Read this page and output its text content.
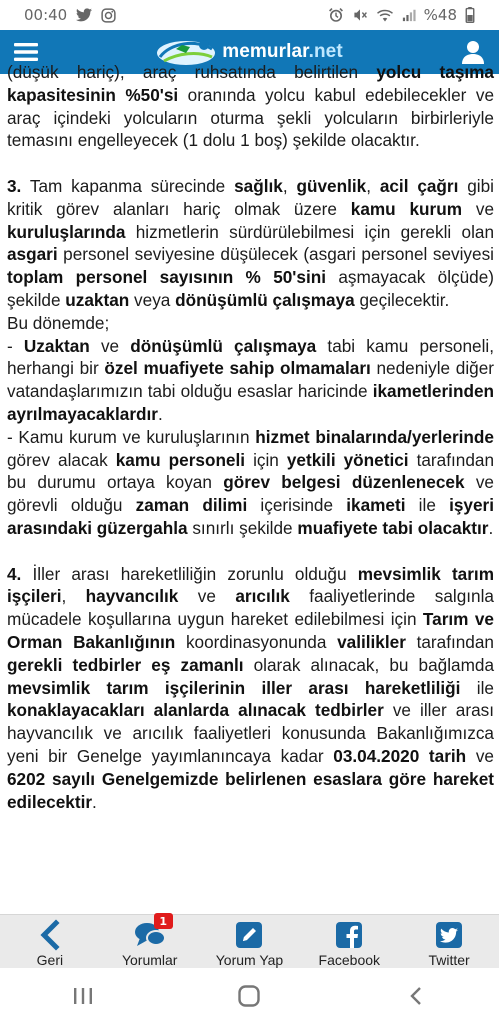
00:40	%48
memurlar.net

(düşük hariç), araç ruhsatında belirtilen yolcu taşıma kapasitesinin %50'si oranında yolcu kabul edebilecekler ve araç içindeki yolcuların oturma şekli yolcuların birbirleriyle temasını engelleyecek (1 dolu 1 boş) şekilde olacaktır.

3. Tam kapanma sürecinde sağlık, güvenlik, acil çağrı gibi kritik görev alanları hariç olmak üzere kamu kurum ve kuruluşlarında hizmetlerin sürdürülebilmesi için gerekli olan asgari personel seviyesine düşülecek (asgari personel seviyesi toplam personel sayısının % 50'sini aşmayacak ölçüde) şekilde uzaktan veya dönüşümlü çalışmaya geçilecektir.

Bu dönemde;

- Uzaktan ve dönüşümlü çalışmaya tabi kamu personeli, herhangi bir özel muafiyete sahip olmamaları nedeniyle diğer vatandaşlarımızın tabi olduğu esaslar haricinde ikametlerinden ayrılmayacaklardır.

- Kamu kurum ve kuruluşlarının hizmet binalarında/yerlerinde görev alacak kamu personeli için yetkili yönetici tarafından bu durumu ortaya koyan görev belgesi düzenlenecek ve görevli olduğu zaman dilimi içerisinde ikameti ile işyeri arasındaki güzergahla sınırlı şekilde muafiyete tabi olacaktır.

4. İller arası hareketliliğin zorunlu olduğu mevsimlik tarım işçileri, hayvancılık ve arıcılık faaliyetlerinde salgınla mücadele koşullarına uygun hareket edilebilmesi için Tarım ve Orman Bakanlığının koordinasyonunda valilikler tarafından gerekli tedbirler eş zamanlı olarak alınacak, bu bağlamda mevsimlik tarım işçilerinin iller arası hareketliliği ile konaklayacakları alanlarda alınacak tedbirler ve iller arası hayvancılık ve arıcılık faaliyetleri konusunda Bakanlığımızca yeni bir Genelge yayımlanıncaya kadar 03.04.2020 tarih ve 6202 sayılı Genelgemizde belirlenen esaslara göre hareket edilecektir.

Geri
1
Yorumlar	Yorum Yap	Facebook	Twitter
